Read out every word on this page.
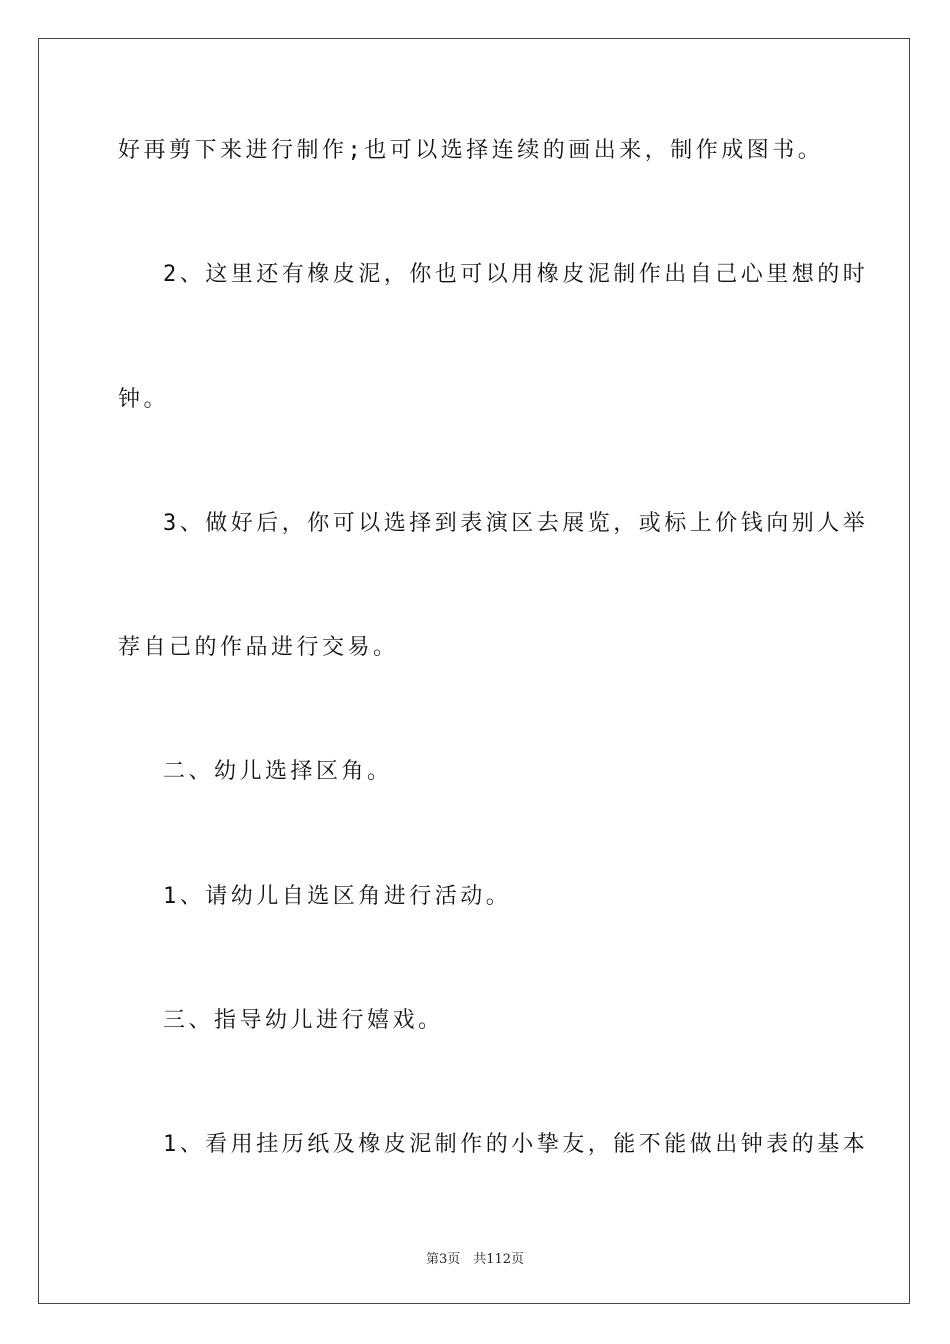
好再剪下来进行制作;也可以选择连续的画出来，制作成图书。
2、这里还有橡皮泥，你也可以用橡皮泥制作出自己心里想的时
钟。
3、做好后，你可以选择到表演区去展览，或标上价钱向别人举
荐自己的作品进行交易。
二、幼儿选择区角。
1、请幼儿自选区角进行活动。
三、指导幼儿进行嬉戏。
1、看用挂历纸及橡皮泥制作的小挚友，能不能做出钟表的基本
第3页　共112页
